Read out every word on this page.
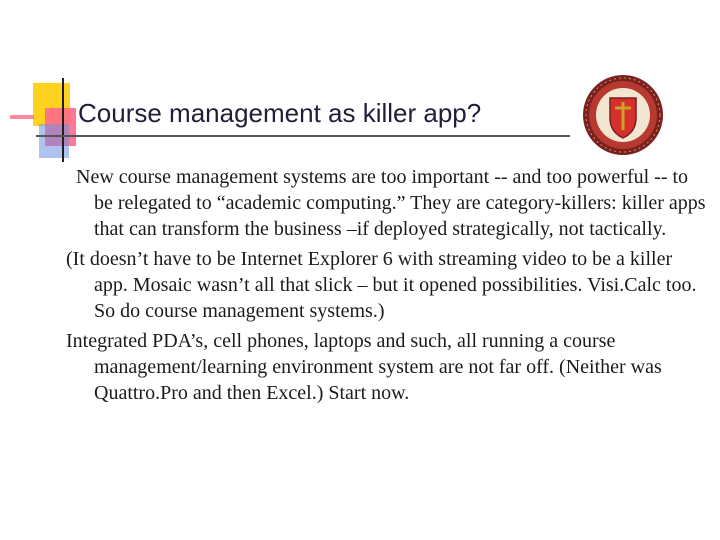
Course management as killer app?

New course management systems are too important -- and too powerful -- to be relegated to “academic computing.” They are category-killers: killer apps that can transform the business –if deployed strategically, not tactically.

(It doesn’t have to be Internet Explorer 6 with streaming video to be a killer app. Mosaic wasn’t all that slick – but it opened possibilities. Visi.Calc too. So do course management systems.)

Integrated PDA’s, cell phones, laptops and such, all running a course management/learning environment system are not far off. (Neither was Quattro.Pro and then Excel.) Start now.
